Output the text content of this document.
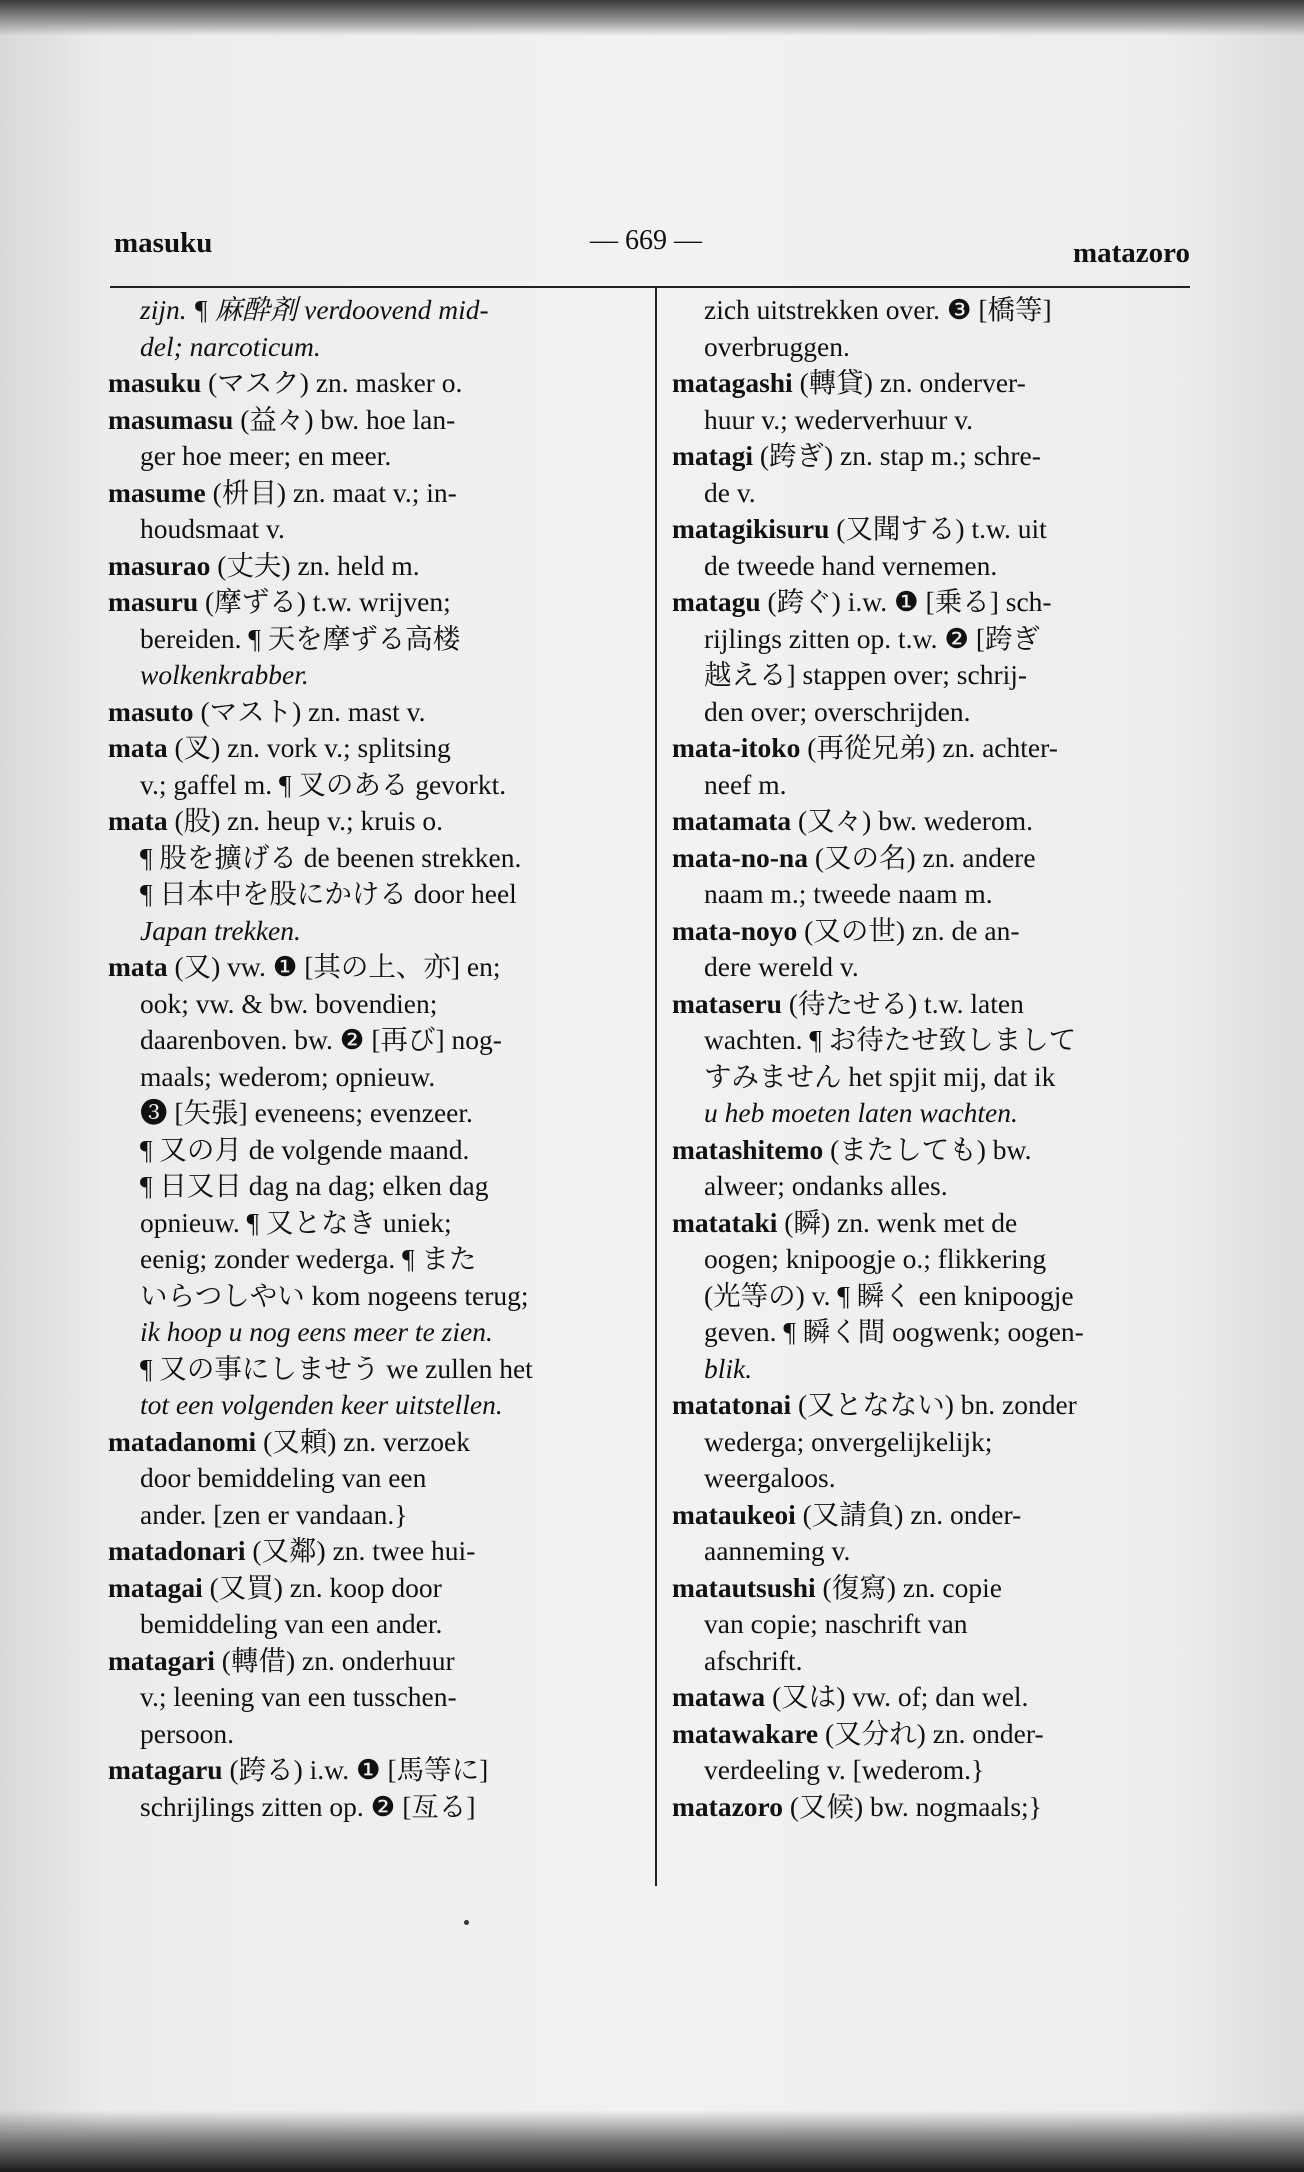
masuku	— 669 —	matazoro
zijn. ¶ 麻酔剤 verdoovend mid-
del; narcoticum.
masuku (マスク) zn. masker o.
masumasu (益々) bw. hoe lan-
ger hoe meer; en meer.
masume (枡目) zn. maat v.; in-
houdsmaat v.
masurao (丈夫) zn. held m.
masuru (摩ずる) t.w. wrijven;
bereiden. ¶ 天を摩ずる高楼
wolkenkrabber.
masuto (マスト) zn. mast v.
mata (叉) zn. vork v.; splitsing
v.; gaffel m. ¶ 叉のある gevorkt.
mata (股) zn. heup v.; kruis o.
¶ 股を擴げる de beenen strekken.
¶ 日本中を股にかける door heel
Japan trekken.
mata (又) vw. ❶ [其の上、亦] en;
ook; vw. & bw. bovendien;
daarenboven. bw. ❷ [再び] nog-
maals; wederom; opnieuw.
❸ [矢張] eveneens; evenzeer.
¶ 又の月 de volgende maand.
¶ 日又日 dag na dag; elken dag
opnieuw. ¶ 又となき uniek;
eenig; zonder wederga. ¶ また
いらつしやい kom nogeens terug;
ik hoop u nog eens meer te zien.
¶ 又の事にしませう we zullen het
tot een volgenden keer uitstellen.
matadanomi (又頼) zn. verzoek
door bemiddeling van een
ander. [zen er vandaan.}
matadonari (又鄰) zn. twee hui-
matagai (又買) zn. koop door
bemiddeling van een ander.
matagari (轉借) zn. onderhuur
v.; leening van een tusschen-
persoon.
matagaru (跨る) i.w. ❶ [馬等に]
schrijlings zitten op. ❷ [亙る]
zich uitstrekken over. ❸ [橋等]
overbruggen.
matagashi (轉貸) zn. onderver-
huur v.; wederverhuur v.
matagi (跨ぎ) zn. stap m.; schre-
de v.
matagikisuru (又聞する) t.w. uit
de tweede hand vernemen.
matagu (跨ぐ) i.w. ❶ [乗る] sch-
rijlings zitten op. t.w. ❷ [跨ぎ
越える] stappen over; schrij-
den over; overschrijden.
mata-itoko (再從兄弟) zn. achter-
neef m.
matamata (又々) bw. wederom.
mata-no-na (又の名) zn. andere
naam m.; tweede naam m.
mata-noyo (又の世) zn. de an-
dere wereld v.
mataseru (待たせる) t.w. laten
wachten. ¶ お待たせ致しまして
すみません het spjit mij, dat ik
u heb moeten laten wachten.
matashitemo (またしても) bw.
alweer; ondanks alles.
matataki (瞬) zn. wenk met de
oogen; knipoogje o.; flikkering
(光等の) v. ¶ 瞬く een knipoogje
geven. ¶ 瞬く間 oogwenk; oogen-
blik.
matatonai (又となない) bn. zonder
wederga; onvergelijkelijk;
weergaloos.
mataukeoi (又請負) zn. onder-
aanneming v.
matautsushi (復寫) zn. copie
van copie; naschrift van
afschrift.
matawa (又は) vw. of; dan wel.
matawakare (又分れ) zn. onder-
verdeeling v. [wederom.}
matazoro (又候) bw. nogmaals;}
